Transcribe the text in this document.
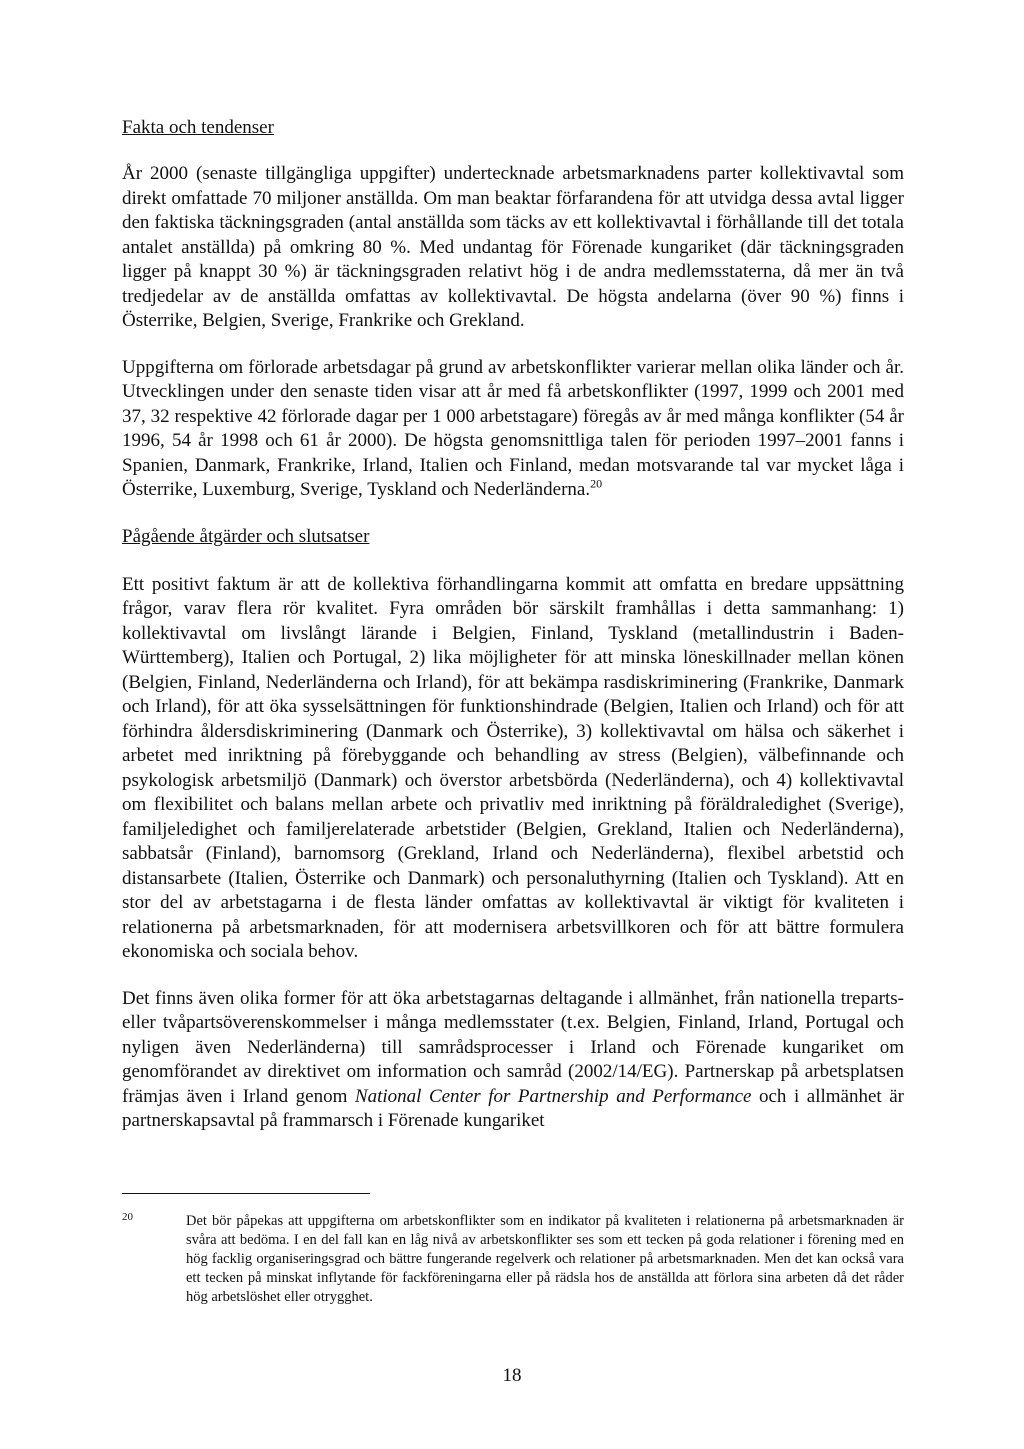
Fakta och tendenser

År 2000 (senaste tillgängliga uppgifter) undertecknade arbetsmarknadens parter kollektivavtal som direkt omfattade 70 miljoner anställda. Om man beaktar förfarandena för att utvidga dessa avtal ligger den faktiska täckningsgraden (antal anställda som täcks av ett kollektivavtal i förhållande till det totala antalet anställda) på omkring 80 %. Med undantag för Förenade kungariket (där täckningsgraden ligger på knappt 30 %) är täckningsgraden relativt hög i de andra medlemsstaterna, då mer än två tredjedelar av de anställda omfattas av kollektivavtal. De högsta andelarna (över 90 %) finns i Österrike, Belgien, Sverige, Frankrike och Grekland.

Uppgifterna om förlorade arbetsdagar på grund av arbetskonflikter varierar mellan olika länder och år. Utvecklingen under den senaste tiden visar att år med få arbetskonflikter (1997, 1999 och 2001 med 37, 32 respektive 42 förlorade dagar per 1 000 arbetstagare) föregås av år med många konflikter (54 år 1996, 54 år 1998 och 61 år 2000). De högsta genomsnittliga talen för perioden 1997–2001 fanns i Spanien, Danmark, Frankrike, Irland, Italien och Finland, medan motsvarande tal var mycket låga i Österrike, Luxemburg, Sverige, Tyskland och Nederländerna.$^{20}$

Pågående åtgärder och slutsatser

Ett positivt faktum är att de kollektiva förhandlingarna kommit att omfatta en bredare uppsättning frågor, varav flera rör kvalitet. Fyra områden bör särskilt framhållas i detta sammanhang: 1) kollektivavtal om livslångt lärande i Belgien, Finland, Tyskland (metallindustrin i Baden-Württemberg), Italien och Portugal, 2) lika möjligheter för att minska löneskillnader mellan könen (Belgien, Finland, Nederländerna och Irland), för att bekämpa rasdiskriminering (Frankrike, Danmark och Irland), för att öka sysselsättningen för funktionshindrade (Belgien, Italien och Irland) och för att förhindra åldersdiskriminering (Danmark och Österrike), 3) kollektivavtal om hälsa och säkerhet i arbetet med inriktning på förebyggande och behandling av stress (Belgien), välbefinnande och psykologisk arbetsmiljö (Danmark) och överstor arbetsbörda (Nederländerna), och 4) kollektivavtal om flexibilitet och balans mellan arbete och privatliv med inriktning på föräldraledighet (Sverige), familjeledighet och familjerelaterade arbetstider (Belgien, Grekland, Italien och Nederländerna), sabbatsår (Finland), barnomsorg (Grekland, Irland och Nederländerna), flexibel arbetstid och distansarbete (Italien, Österrike och Danmark) och personaluthyrning (Italien och Tyskland). Att en stor del av arbetstagarna i de flesta länder omfattas av kollektivavtal är viktigt för kvaliteten i relationerna på arbetsmarknaden, för att modernisera arbetsvillkoren och för att bättre formulera ekonomiska och sociala behov.

Det finns även olika former för att öka arbetstagarnas deltagande i allmänhet, från nationella treparts- eller tvåpartsöverenskommelser i många medlemsstater (t.ex. Belgien, Finland, Irland, Portugal och nyligen även Nederländerna) till samrådsprocesser i Irland och Förenade kungariket om genomförandet av direktivet om information och samråd (2002/14/EG). Partnerskap på arbetsplatsen främjas även i Irland genom National Center for Partnership and Performance och i allmänhet är partnerskapsavtal på frammarsch i Förenade kungariket

20	Det bör påpekas att uppgifterna om arbetskonflikter som en indikator på kvaliteten i relationerna på arbetsmarknaden är svåra att bedöma. I en del fall kan en låg nivå av arbetskonflikter ses som ett tecken på goda relationer i förening med en hög facklig organiseringsgrad och bättre fungerande regelverk och relationer på arbetsmarknaden. Men det kan också vara ett tecken på minskat inflytande för fackföreningarna eller på rädsla hos de anställda att förlora sina arbeten då det råder hög arbetslöshet eller otrygghet.
18
